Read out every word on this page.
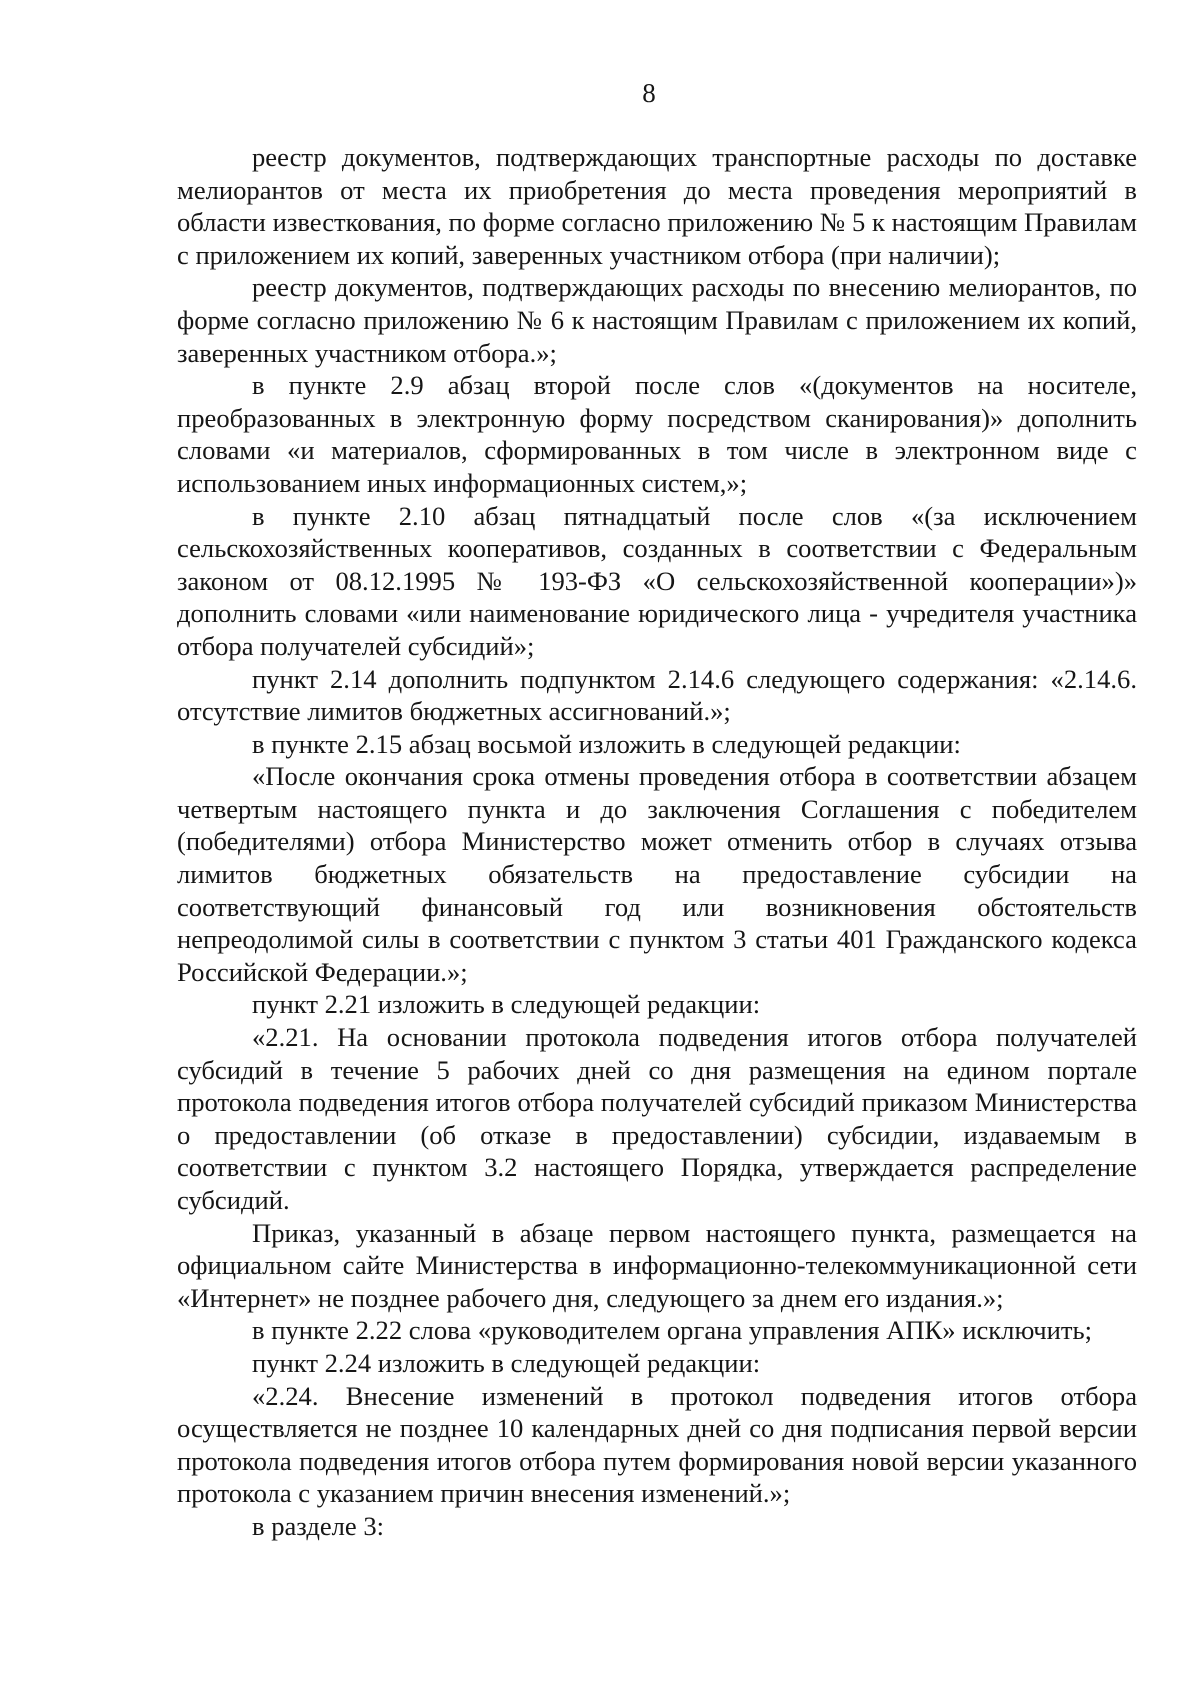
8

реестр документов, подтверждающих транспортные расходы по доставке мелиорантов от места их приобретения до места проведения мероприятий в области известкования, по форме согласно приложению № 5 к настоящим Правилам с приложением их копий, заверенных участником отбора (при наличии);

реестр документов, подтверждающих расходы по внесению мелиорантов, по форме согласно приложению № 6 к настоящим Правилам с приложением их копий, заверенных участником отбора.»;

в пункте 2.9 абзац второй после слов «(документов на носителе, преобразованных в электронную форму посредством сканирования)» дополнить словами «и материалов, сформированных в том числе в электронном виде с использованием иных информационных систем,»;

в пункте 2.10 абзац пятнадцатый после слов «(за исключением сельскохозяйственных кооперативов, созданных в соответствии с Федеральным законом от 08.12.1995 № 193-ФЗ «О сельскохозяйственной кооперации»)» дополнить словами «или наименование юридического лица - учредителя участника отбора получателей субсидий»;

пункт 2.14 дополнить подпунктом 2.14.6 следующего содержания: «2.14.6. отсутствие лимитов бюджетных ассигнований.»;

в пункте 2.15 абзац восьмой изложить в следующей редакции:

«После окончания срока отмены проведения отбора в соответствии абзацем четвертым настоящего пункта и до заключения Соглашения с победителем (победителями) отбора Министерство может отменить отбор в случаях отзыва лимитов бюджетных обязательств на предоставление субсидии на соответствующий финансовый год или возникновения обстоятельств непреодолимой силы в соответствии с пунктом 3 статьи 401 Гражданского кодекса Российской Федерации.»;

пункт 2.21 изложить в следующей редакции:

«2.21. На основании протокола подведения итогов отбора получателей субсидий в течение 5 рабочих дней со дня размещения на едином портале протокола подведения итогов отбора получателей субсидий приказом Министерства о предоставлении (об отказе в предоставлении) субсидии, издаваемым в соответствии с пунктом 3.2 настоящего Порядка, утверждается распределение субсидий.

Приказ, указанный в абзаце первом настоящего пункта, размещается на официальном сайте Министерства в информационно-телекоммуникационной сети «Интернет» не позднее рабочего дня, следующего за днем его издания.»;

в пункте 2.22 слова «руководителем органа управления АПК» исключить;

пункт 2.24 изложить в следующей редакции:

«2.24. Внесение изменений в протокол подведения итогов отбора осуществляется не позднее 10 календарных дней со дня подписания первой версии протокола подведения итогов отбора путем формирования новой версии указанного протокола с указанием причин внесения изменений.»;

в разделе 3:
